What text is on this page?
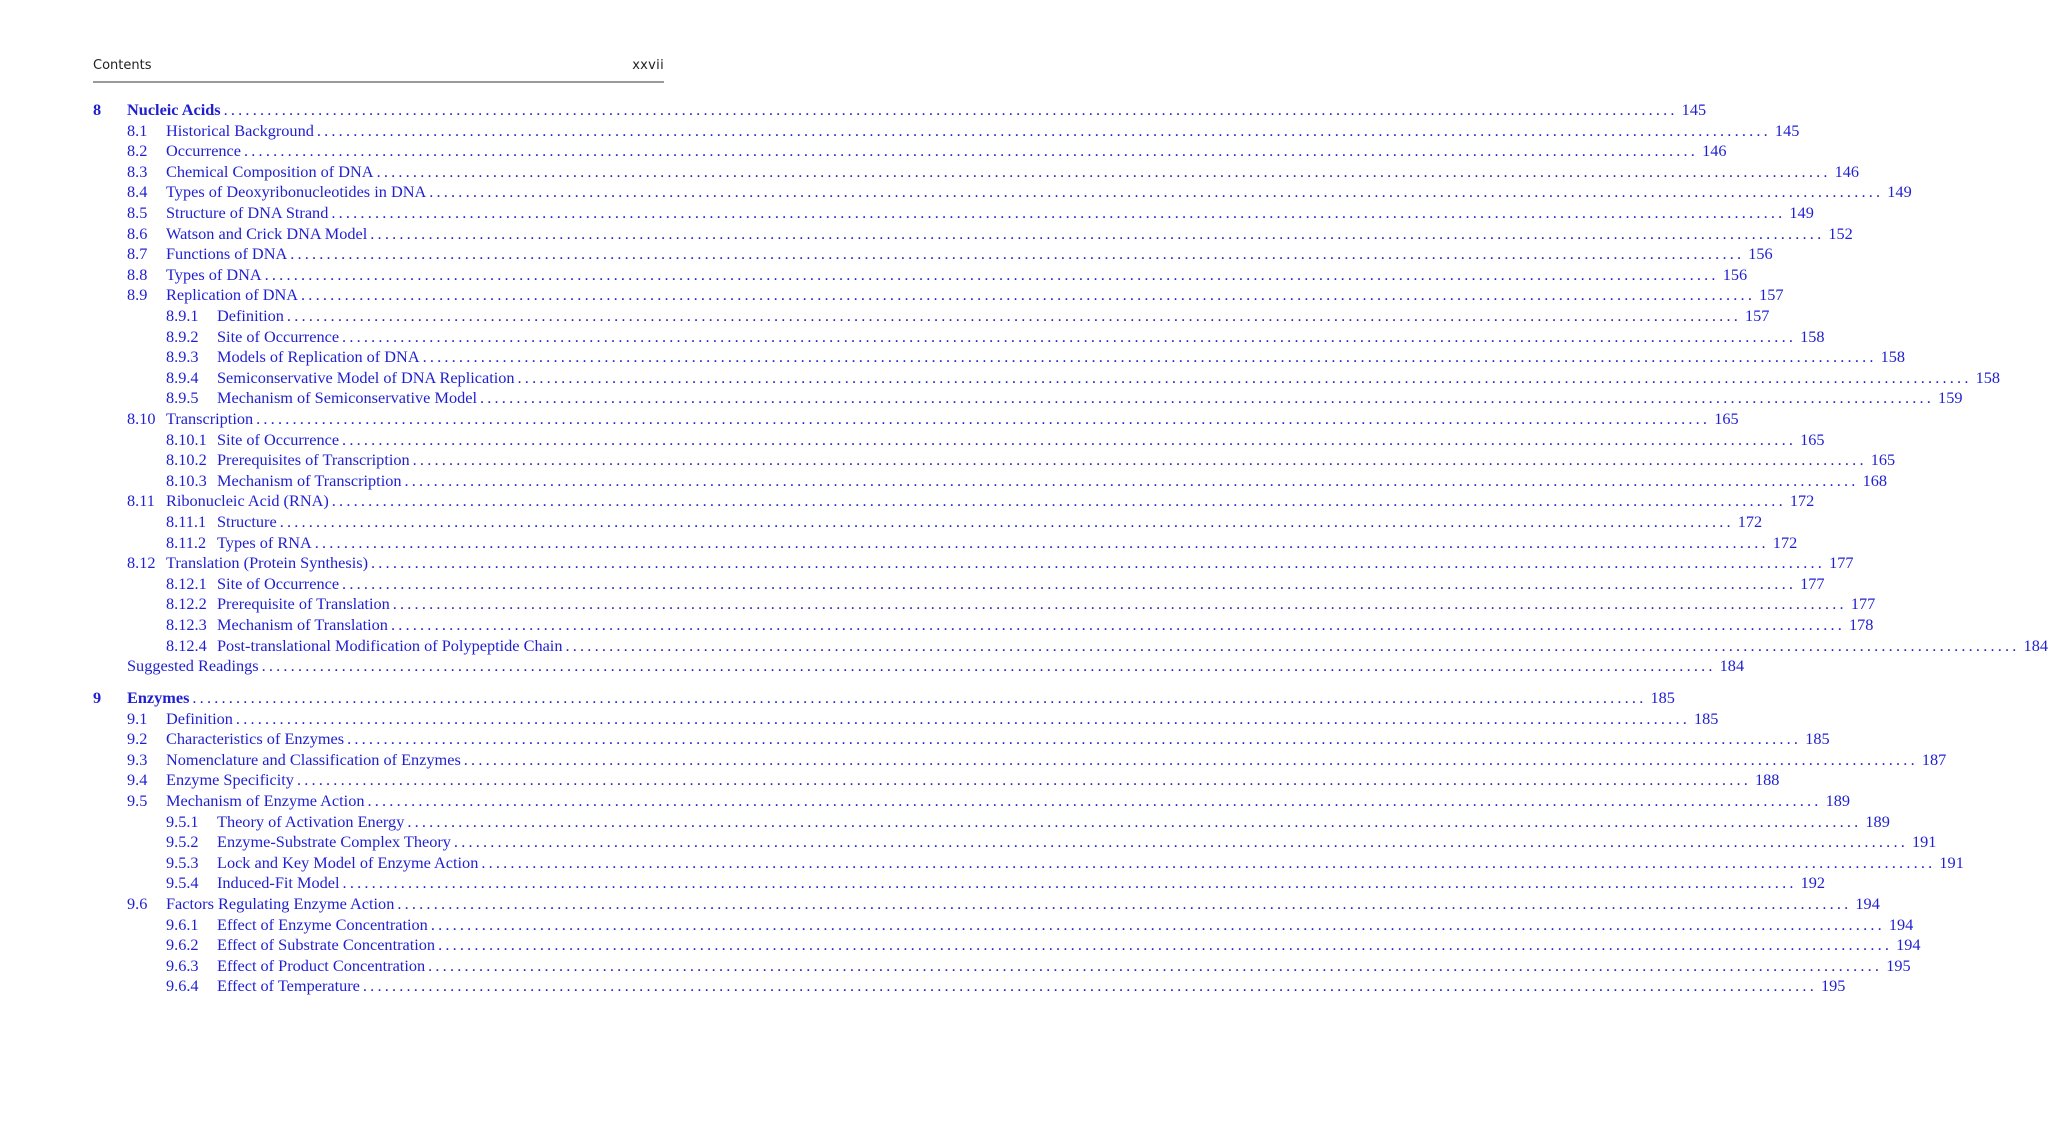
Contents	xxvii
8 Nucleic Acids ........................................................................................................................................................................................................ 145
8.1 Historical Background ........................................................................................................................................................................................................ 145
8.2 Occurrence ........................................................................................................................................................................................................ 146
8.3 Chemical Composition of DNA ........................................................................................................................................................................................................ 146
8.4 Types of Deoxyribonucleotides in DNA ........................................................................................................................................................................................................ 149
8.5 Structure of DNA Strand ........................................................................................................................................................................................................ 149
8.6 Watson and Crick DNA Model ........................................................................................................................................................................................................ 152
8.7 Functions of DNA ........................................................................................................................................................................................................ 156
8.8 Types of DNA ........................................................................................................................................................................................................ 156
8.9 Replication of DNA ........................................................................................................................................................................................................ 157
8.9.1 Definition ........................................................................................................................................................................................................ 157
8.9.2 Site of Occurrence ........................................................................................................................................................................................................ 158
8.9.3 Models of Replication of DNA ........................................................................................................................................................................................................ 158
8.9.4 Semiconservative Model of DNA Replication ........................................................................................................................................................................................................ 158
8.9.5 Mechanism of Semiconservative Model ........................................................................................................................................................................................................ 159
8.10 Transcription ........................................................................................................................................................................................................ 165
8.10.1 Site of Occurrence ........................................................................................................................................................................................................ 165
8.10.2 Prerequisites of Transcription ........................................................................................................................................................................................................ 165
8.10.3 Mechanism of Transcription ........................................................................................................................................................................................................ 168
8.11 Ribonucleic Acid (RNA) ........................................................................................................................................................................................................ 172
8.11.1 Structure ........................................................................................................................................................................................................ 172
8.11.2 Types of RNA ........................................................................................................................................................................................................ 172
8.12 Translation (Protein Synthesis) ........................................................................................................................................................................................................ 177
8.12.1 Site of Occurrence ........................................................................................................................................................................................................ 177
8.12.2 Prerequisite of Translation ........................................................................................................................................................................................................ 177
8.12.3 Mechanism of Translation ........................................................................................................................................................................................................ 178
8.12.4 Post-translational Modification of Polypeptide Chain ........................................................................................................................................................................................................ 184
Suggested Readings ........................................................................................................................................................................................................ 184
9 Enzymes ........................................................................................................................................................................................................ 185
9.1 Definition ........................................................................................................................................................................................................ 185
9.2 Characteristics of Enzymes ........................................................................................................................................................................................................ 185
9.3 Nomenclature and Classification of Enzymes ........................................................................................................................................................................................................ 187
9.4 Enzyme Specificity ........................................................................................................................................................................................................ 188
9.5 Mechanism of Enzyme Action ........................................................................................................................................................................................................ 189
9.5.1 Theory of Activation Energy ........................................................................................................................................................................................................ 189
9.5.2 Enzyme-Substrate Complex Theory ........................................................................................................................................................................................................ 191
9.5.3 Lock and Key Model of Enzyme Action ........................................................................................................................................................................................................ 191
9.5.4 Induced-Fit Model ........................................................................................................................................................................................................ 192
9.6 Factors Regulating Enzyme Action ........................................................................................................................................................................................................ 194
9.6.1 Effect of Enzyme Concentration ........................................................................................................................................................................................................ 194
9.6.2 Effect of Substrate Concentration ........................................................................................................................................................................................................ 194
9.6.3 Effect of Product Concentration ........................................................................................................................................................................................................ 195
9.6.4 Effect of Temperature ........................................................................................................................................................................................................ 195
